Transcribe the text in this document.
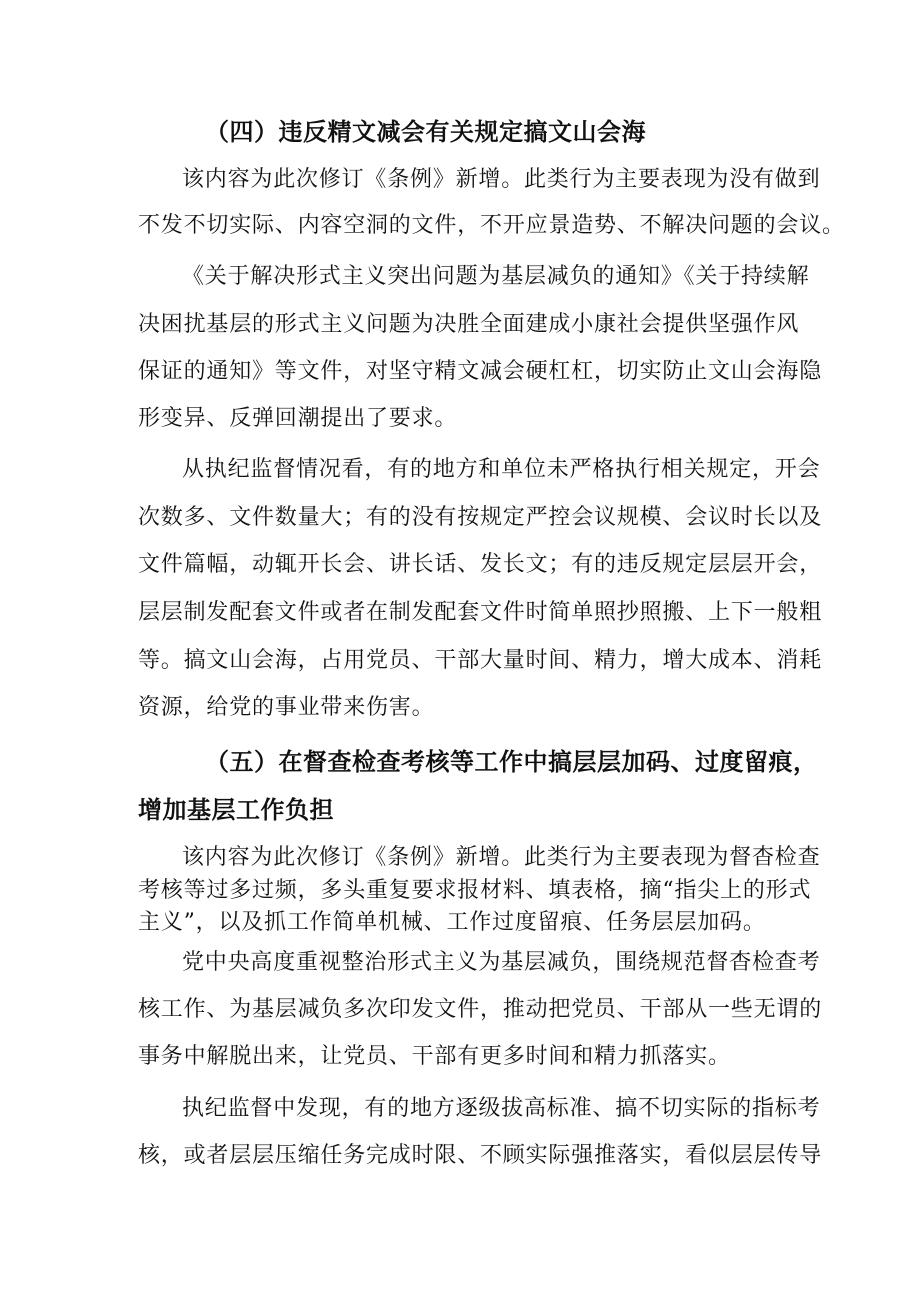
（四）违反精文减会有关规定搞文山会海
该内容为此次修订《条例》新增。此类行为主要表现为没有做到
不发不切实际、内容空洞的文件，不开应景造势、不解决问题的会议。
《关于解决形式主义突出问题为基层减负的通知》《关于持续解
决困扰基层的形式主义问题为决胜全面建成小康社会提供坚强作风
保证的通知》等文件，对坚守精文减会硬杠杠，切实防止文山会海隐
形变异、反弹回潮提出了要求。
从执纪监督情况看，有的地方和单位未严格执行相关规定，开会
次数多、文件数量大；有的没有按规定严控会议规模、会议时长以及
文件篇幅，动辄开长会、讲长话、发长文；有的违反规定层层开会，
层层制发配套文件或者在制发配套文件时简单照抄照搬、上下一般粗
等。搞文山会海，占用党员、干部大量时间、精力，增大成本、消耗
资源，给党的事业带来伤害。
（五）在督查检查考核等工作中搞层层加码、过度留痕，
增加基层工作负担
该内容为此次修订《条例》新增。此类行为主要表现为督杳检查
考核等过多过频，多头重复要求报材料、填表格，摘“指尖上的形式
主义”，以及抓工作简单机械、工作过度留痕、任务层层加码。
党中央高度重视整治形式主义为基层减负，围绕规范督杳检查考
核工作、为基层减负多次印发文件，推动把党员、干部从一些无谓的
事务中解脱出来，让党员、干部有更多时间和精力抓落实。
执纪监督中发现，有的地方逐级拔高标准、搞不切实际的指标考
核，或者层层压缩任务完成时限、不顾实际强推落实，看似层层传导
